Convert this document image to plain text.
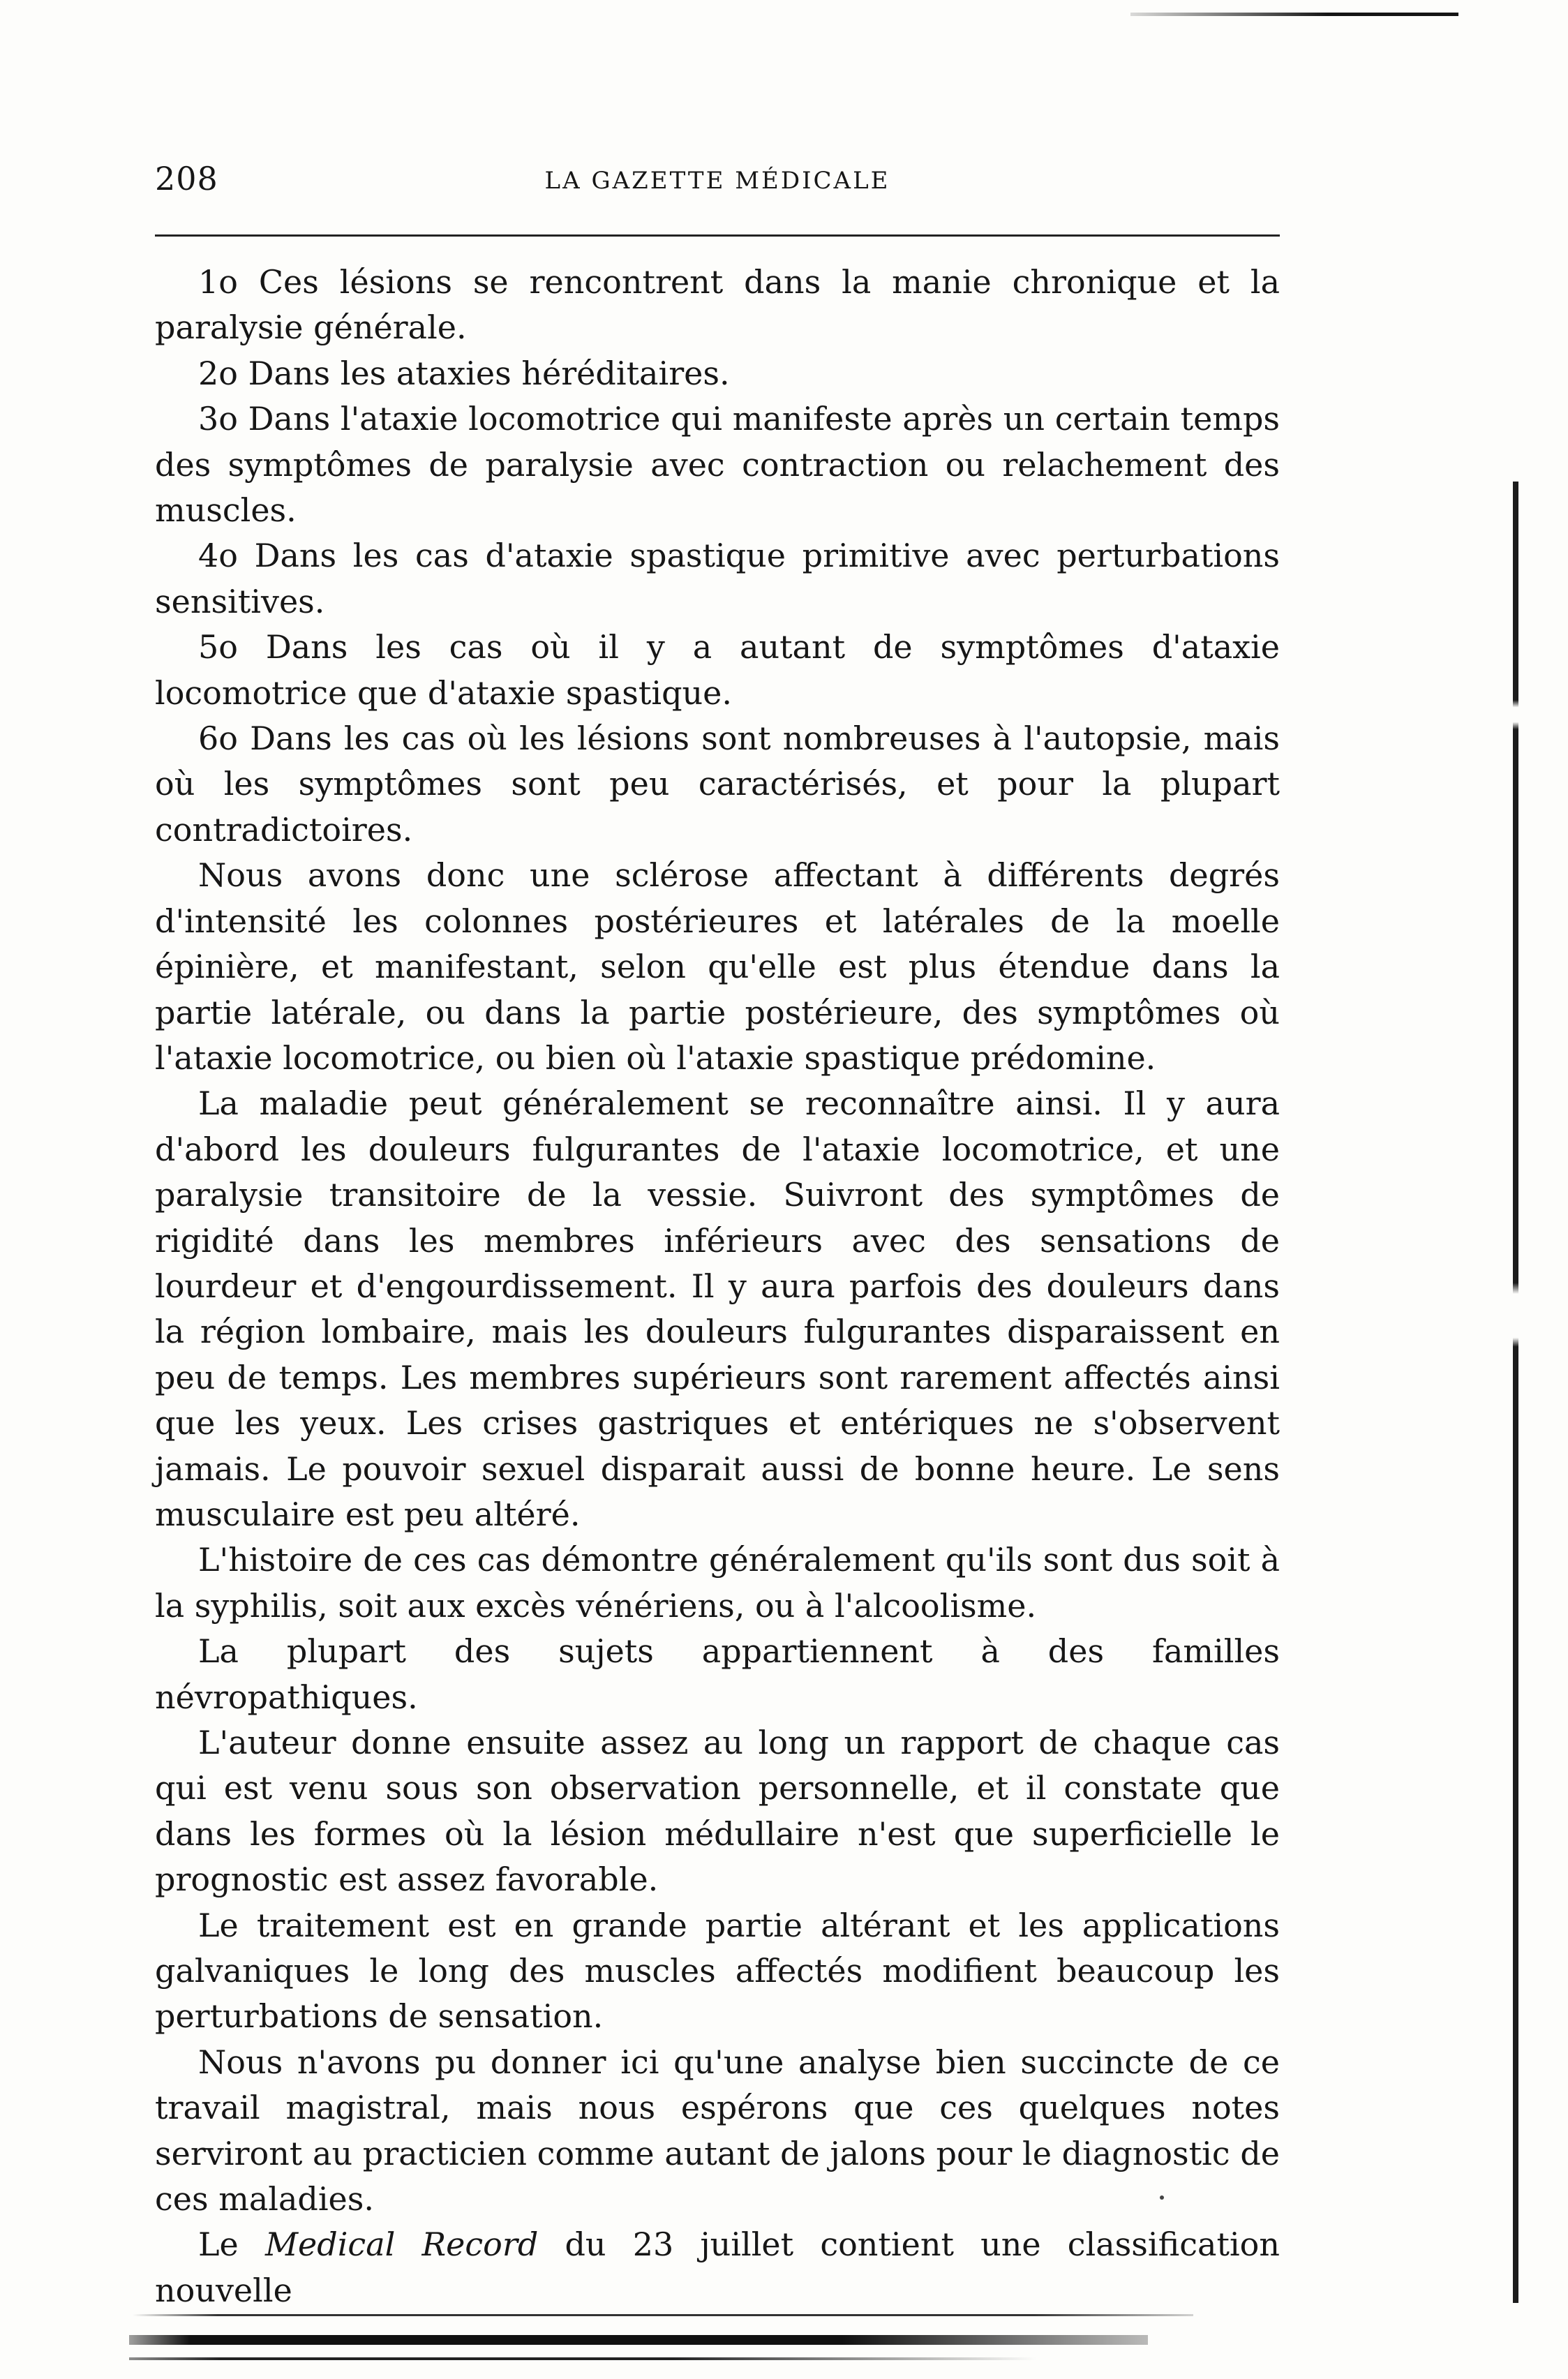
208	LA GAZETTE MÉDICALE

1o Ces lésions se rencontrent dans la manie chronique et la paralysie générale.

2o Dans les ataxies héréditaires.

3o Dans l'ataxie locomotrice qui manifeste après un certain temps des symptômes de paralysie avec contraction ou relachement des muscles.

4o Dans les cas d'ataxie spastique primitive avec perturbations sensitives.

5o Dans les cas où il y a autant de symptômes d'ataxie locomotrice que d'ataxie spastique.

6o Dans les cas où les lésions sont nombreuses à l'autopsie, mais où les symptômes sont peu caractérisés, et pour la plupart contradictoires.

Nous avons donc une sclérose affectant à différents degrés d'intensité les colonnes postérieures et latérales de la moelle épinière, et manifestant, selon qu'elle est plus étendue dans la partie latérale, ou dans la partie postérieure, des symptômes où l'ataxie locomotrice, ou bien où l'ataxie spastique prédomine.

La maladie peut généralement se reconnaître ainsi. Il y aura d'abord les douleurs fulgurantes de l'ataxie locomotrice, et une paralysie transitoire de la vessie. Suivront des symptômes de rigidité dans les membres inférieurs avec des sensations de lourdeur et d'engourdissement. Il y aura parfois des douleurs dans la région lombaire, mais les douleurs fulgurantes disparaissent en peu de temps. Les membres supérieurs sont rarement affectés ainsi que les yeux. Les crises gastriques et entériques ne s'observent jamais. Le pouvoir sexuel disparait aussi de bonne heure. Le sens musculaire est peu altéré.

L'histoire de ces cas démontre généralement qu'ils sont dus soit à la syphilis, soit aux excès vénériens, ou à l'alcoolisme.

La plupart des sujets appartiennent à des familles névropathiques.

L'auteur donne ensuite assez au long un rapport de chaque cas qui est venu sous son observation personnelle, et il constate que dans les formes où la lésion médullaire n'est que superficielle le prognostic est assez favorable.

Le traitement est en grande partie altérant et les applications galvaniques le long des muscles affectés modifient beaucoup les perturbations de sensation.

Nous n'avons pu donner ici qu'une analyse bien succincte de ce travail magistral, mais nous espérons que ces quelques notes serviront au practicien comme autant de jalons pour le diagnostic de ces maladies.

Le Medical Record du 23 juillet contient une classification nouvelle
